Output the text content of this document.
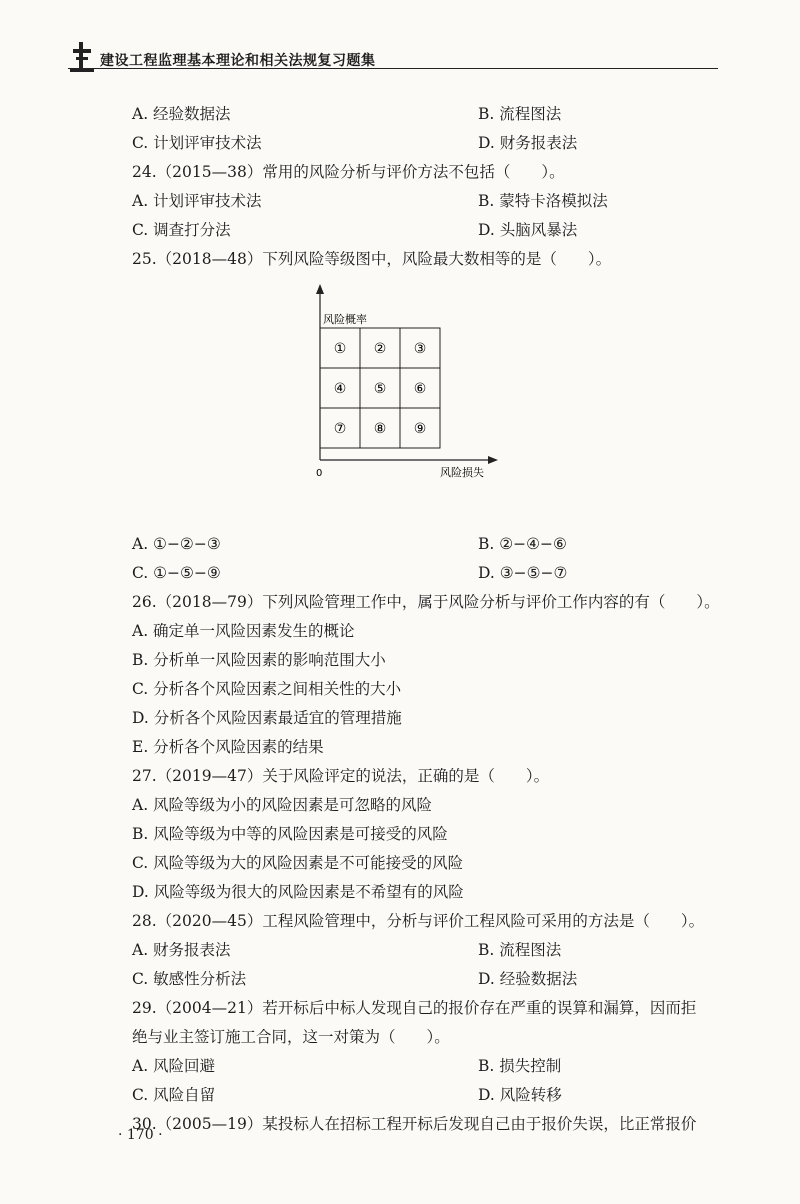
建设工程监理基本理论和相关法规复习题集
A. 经验数据法	B. 流程图法
C. 计划评审技术法	D. 财务报表法
24.（2015—38）常用的风险分析与评价方法不包括（　　）。
A. 计划评审技术法	B. 蒙特卡洛模拟法
C. 调查打分法	D. 头脑风暴法
25.（2018—48）下列风险等级图中，风险最大数相等的是（　　）。
风险概率
风险损失
0
① ② ③
④ ⑤ ⑥
⑦ ⑧ ⑨
A. ①−②−③	B. ②−④−⑥
C. ①−⑤−⑨	D. ③−⑤−⑦
26.（2018—79）下列风险管理工作中，属于风险分析与评价工作内容的有（　　）。
A. 确定单一风险因素发生的概论
B. 分析单一风险因素的影响范围大小
C. 分析各个风险因素之间相关性的大小
D. 分析各个风险因素最适宜的管理措施
E. 分析各个风险因素的结果
27.（2019—47）关于风险评定的说法，正确的是（　　）。
A. 风险等级为小的风险因素是可忽略的风险
B. 风险等级为中等的风险因素是可接受的风险
C. 风险等级为大的风险因素是不可能接受的风险
D. 风险等级为很大的风险因素是不希望有的风险
28.（2020—45）工程风险管理中，分析与评价工程风险可采用的方法是（　　）。
A. 财务报表法	B. 流程图法
C. 敏感性分析法	D. 经验数据法
29.（2004—21）若开标后中标人发现自己的报价存在严重的误算和漏算，因而拒
绝与业主签订施工合同，这一对策为（　　）。
A. 风险回避	B. 损失控制
C. 风险自留	D. 风险转移
30.（2005—19）某投标人在招标工程开标后发现自己由于报价失误，比正常报价
· 170 ·
